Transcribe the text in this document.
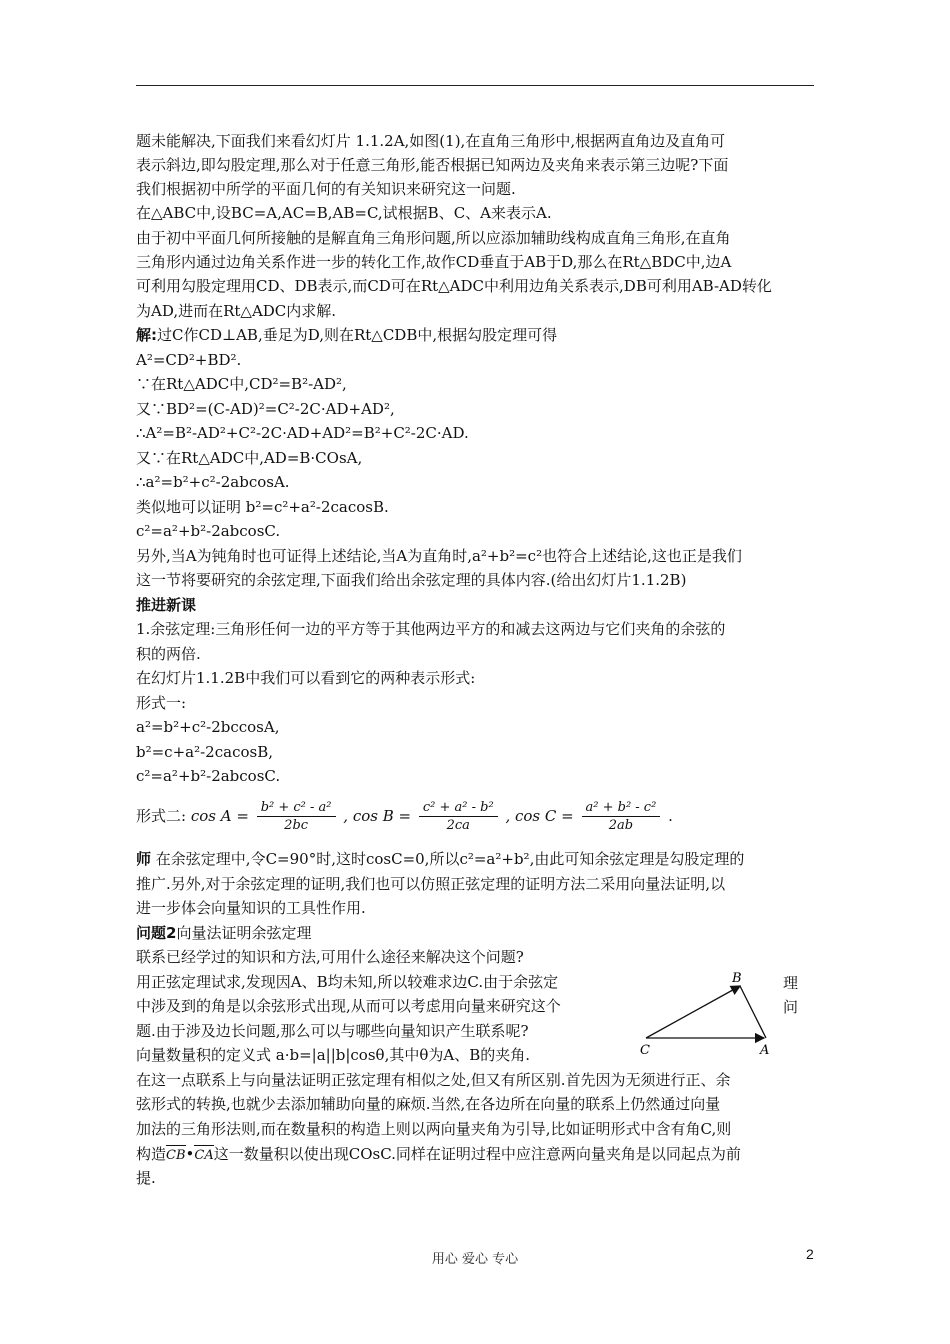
题未能解决,下面我们来看幻灯片 1.1.2A,如图(1),在直角三角形中,根据两直角边及直角可
表示斜边,即勾股定理,那么对于任意三角形,能否根据已知两边及夹角来表示第三边呢?下面
我们根据初中所学的平面几何的有关知识来研究这一问题.
在△ABC中,设BC=A,AC=B,AB=C,试根据B、C、A来表示A.
由于初中平面几何所接触的是解直角三角形问题,所以应添加辅助线构成直角三角形,在直角
三角形内通过边角关系作进一步的转化工作,故作CD垂直于AB于D,那么在Rt△BDC中,边A
可利用勾股定理用CD、DB表示,而CD可在Rt△ADC中利用边角关系表示,DB可利用AB-AD转化
为AD,进而在Rt△ADC内求解.
解:过C作CD⊥AB,垂足为D,则在Rt△CDB中,根据勾股定理可得
A²=CD²+BD².
∵在Rt△ADC中,CD²=B²-AD²,
又∵BD²=(C-AD)²=C²-2C·AD+AD²,
∴A²=B²-AD²+C²-2C·AD+AD²=B²+C²-2C·AD.
又∵在Rt△ADC中,AD=B·COsA,
∴a²=b²+c²-2abcosA.
类似地可以证明 b²=c²+a²-2cacosB.
c²=a²+b²-2abcosC.
另外,当A为钝角时也可证得上述结论,当A为直角时,a²+b²=c²也符合上述结论,这也正是我们
这一节将要研究的余弦定理,下面我们给出余弦定理的具体内容.(给出幻灯片1.1.2B)
推进新课
1.余弦定理:三角形任何一边的平方等于其他两边平方的和减去这两边与它们夹角的余弦的
积的两倍.
在幻灯片1.1.2B中我们可以看到它的两种表示形式:
形式一:
a²=b²+c²-2bccosA,
b²=c+a²-2cacosB,
c²=a²+b²-2abcosC.
形式二: $\cos A = \frac{\text{b² + c² - a²}}{2bc}$ , $\cos B = \frac{\text{c² + a² - b²}}{2ca}$ , $\cos C = \frac{\text{a² + b² - c²}}{2ab}$ .
师 在余弦定理中,令C=90°时,这时cosC=0,所以c²=a²+b²,由此可知余弦定理是勾股定理的
推广.另外,对于余弦定理的证明,我们也可以仿照正弦定理的证明方法二采用向量法证明,以
进一步体会向量知识的工具性作用.
问题2向量法证明余弦定理
联系已经学过的知识和方法,可用什么途径来解决这个问题?
用正弦定理试求,发现因A、B均未知,所以较难求边C.由于余弦定
中涉及到的角是以余弦形式出现,从而可以考虑用向量来研究这个
题.由于涉及边长问题,那么可以与哪些向量知识产生联系呢?
向量数量积的定义式 a·b=|a||b|cosθ,其中θ为A、B的夹角.
理
问
B
C	A
在这一点联系上与向量法证明正弦定理有相似之处,但又有所区别.首先因为无须进行正、余
弦形式的转换,也就少去添加辅助向量的麻烦.当然,在各边所在向量的联系上仍然通过向量
加法的三角形法则,而在数量积的构造上则以两向量夹角为引导,比如证明形式中含有角C,则
构造CB•CA这一数量积以使出现COsC.同样在证明过程中应注意两向量夹角是以同起点为前
提.
用心 爱心 专心	2
